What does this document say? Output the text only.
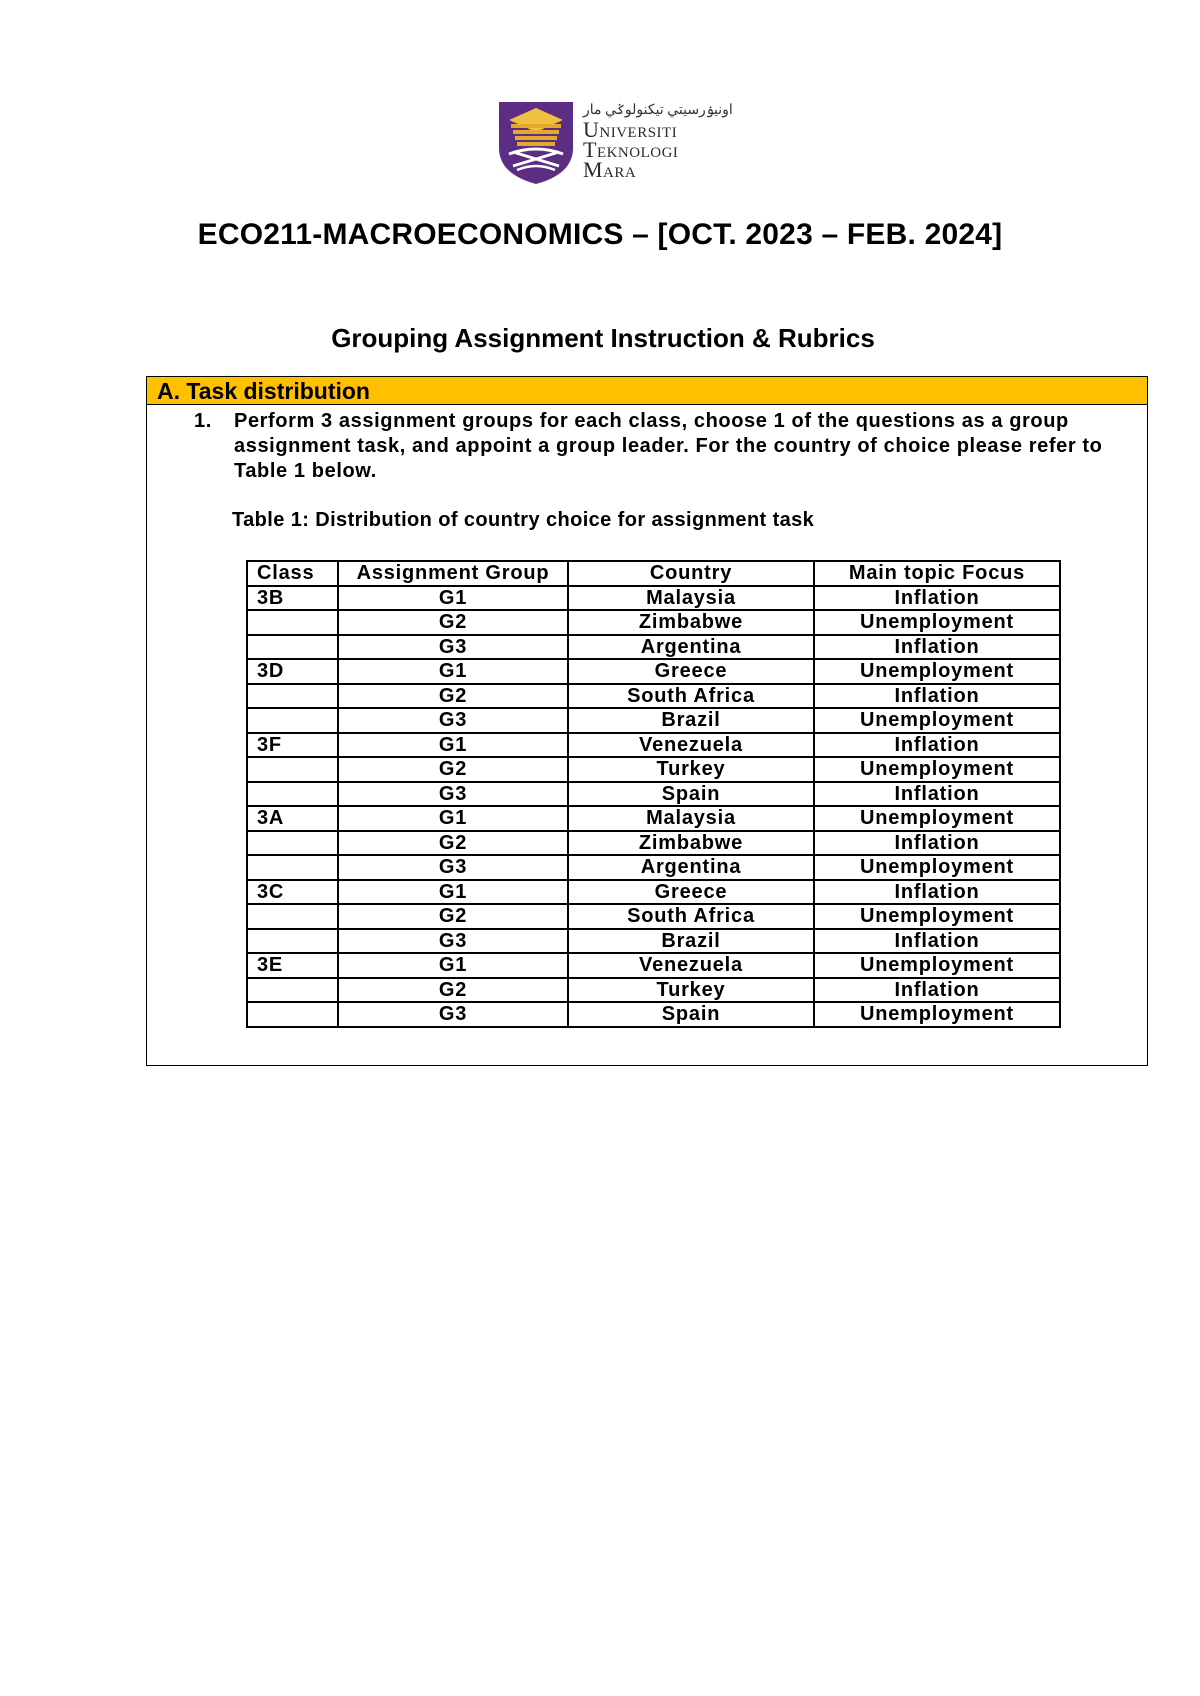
اونيۏرسيتي تيکنولوݢي مار
Universiti
Teknologi
Mara
ECO211-MACROECONOMICS – [OCT. 2023 – FEB. 2024]
Grouping Assignment Instruction & Rubrics
A. Task distribution
1. Perform 3 assignment groups for each class, choose 1 of the questions as a group assignment task, and appoint a group leader. For the country of choice please refer to Table 1 below.
Table 1: Distribution of country choice for assignment task
Class	Assignment Group	Country	Main topic Focus
3B	G1	Malaysia	Inflation
	G2	Zimbabwe	Unemployment
	G3	Argentina	Inflation
3D	G1	Greece	Unemployment
	G2	South Africa	Inflation
	G3	Brazil	Unemployment
3F	G1	Venezuela	Inflation
	G2	Turkey	Unemployment
	G3	Spain	Inflation
3A	G1	Malaysia	Unemployment
	G2	Zimbabwe	Inflation
	G3	Argentina	Unemployment
3C	G1	Greece	Inflation
	G2	South Africa	Unemployment
	G3	Brazil	Inflation
3E	G1	Venezuela	Unemployment
	G2	Turkey	Inflation
	G3	Spain	Unemployment
